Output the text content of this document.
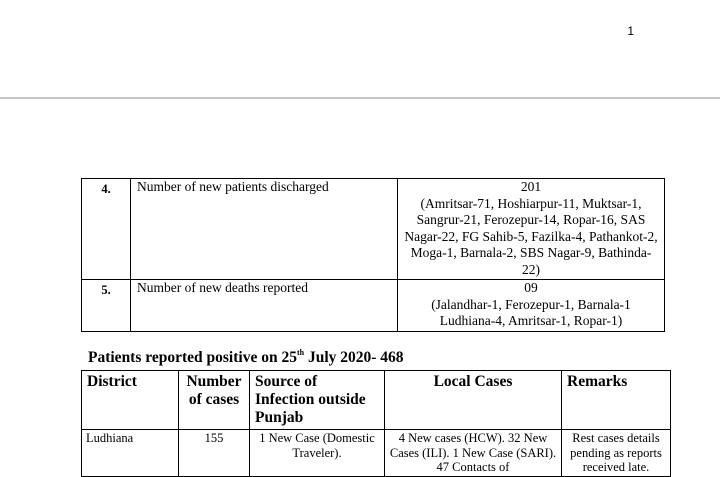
1
4.	Number of new patients discharged	201
(Amritsar-71, Hoshiarpur-11, Muktsar-1, Sangrur-21, Ferozepur-14, Ropar-16, SAS Nagar-22, FG Sahib-5, Fazilka-4, Pathankot-2, Moga-1, Barnala-2, SBS Nagar-9, Bathinda-22)

5.	Number of new deaths reported	09
(Jalandhar-1, Ferozepur-1, Barnala-1 Ludhiana-4, Amritsar-1, Ropar-1)
Patients reported positive on 25th July 2020- 468
District	Number of cases	Source of Infection outside Punjab	Local Cases	Remarks
Ludhiana	155	1 New Case (Domestic Traveler).	4 New cases (HCW). 32 New Cases (ILI). 1 New Case (SARI). 47 Contacts of	Rest cases details pending as reports received late.
